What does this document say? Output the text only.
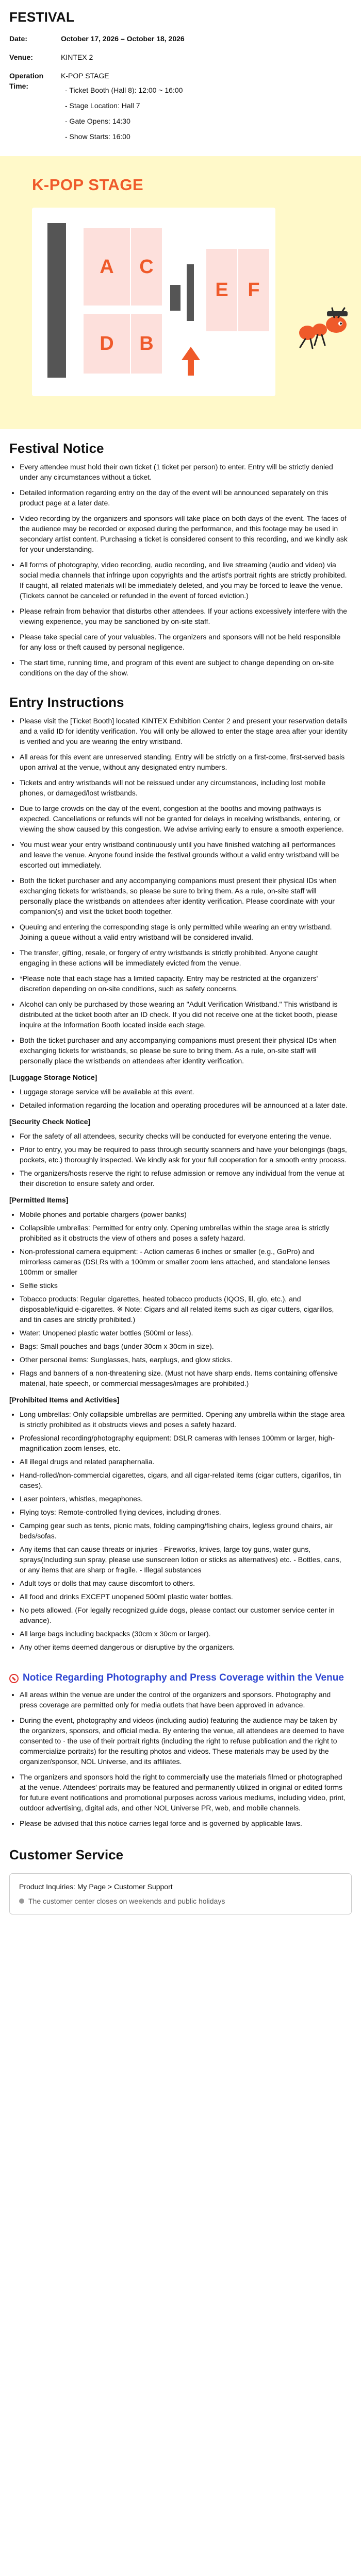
FESTIVAL
Date:	October 17, 2026 – October 18, 2026
Venue:	KINTEX 2
Operation Time:
K-POP STAGE
- Ticket Booth (Hall 8): 12:00 ~ 16:00
- Stage Location: Hall 7
- Gate Opens: 14:30
- Show Starts: 16:00
K-POP STAGE
A
D
C
B
E F
Festival Notice
• Every attendee must hold their own ticket (1 ticket per person) to enter. Entry will be strictly denied under any circumstances without a ticket.
• Detailed information regarding entry on the day of the event will be announced separately on this product page at a later date.
• Video recording by the organizers and sponsors will take place on both days of the event. The faces of the audience may be recorded or exposed during the performance, and this footage may be used in secondary artist content. Purchasing a ticket is considered consent to this recording, and we kindly ask for your understanding.
• All forms of photography, video recording, audio recording, and live streaming (audio and video) via social media channels that infringe upon copyrights and the artist's portrait rights are strictly prohibited. If caught, all related materials will be immediately deleted, and you may be forced to leave the venue. (Tickets cannot be canceled or refunded in the event of forced eviction.)
• Please refrain from behavior that disturbs other attendees. If your actions excessively interfere with the viewing experience, you may be sanctioned by on-site staff.
• Please take special care of your valuables. The organizers and sponsors will not be held responsible for any loss or theft caused by personal negligence.
• The start time, running time, and program of this event are subject to change depending on on-site conditions on the day of the show.
Entry Instructions
• Please visit the [Ticket Booth] located KINTEX Exhibition Center 2 and present your reservation details and a valid ID for identity verification. You will only be allowed to enter the stage area after your identity is verified and you are wearing the entry wristband.
• All areas for this event are unreserved standing. Entry will be strictly on a first-come, first-served basis upon arrival at the venue, without any designated entry numbers.
• Tickets and entry wristbands will not be reissued under any circumstances, including lost mobile phones, or damaged/lost wristbands.
• Due to large crowds on the day of the event, congestion at the booths and moving pathways is expected. Cancellations or refunds will not be granted for delays in receiving wristbands, entering, or viewing the show caused by this congestion. We advise arriving early to ensure a smooth experience.
• You must wear your entry wristband continuously until you have finished watching all performances and leave the venue. Anyone found inside the festival grounds without a valid entry wristband will be escorted out immediately.
• Both the ticket purchaser and any accompanying companions must present their physical IDs when exchanging tickets for wristbands, so please be sure to bring them. As a rule, on-site staff will personally place the wristbands on attendees after identity verification. Please coordinate with your companion(s) and visit the ticket booth together.
• Queuing and entering the corresponding stage is only permitted while wearing an entry wristband. Joining a queue without a valid entry wristband will be considered invalid.
• The transfer, gifting, resale, or forgery of entry wristbands is strictly prohibited. Anyone caught engaging in these actions will be immediately evicted from the venue.
• *Please note that each stage has a limited capacity. Entry may be restricted at the organizers' discretion depending on on-site conditions, such as safety concerns.
• Alcohol can only be purchased by those wearing an "Adult Verification Wristband." This wristband is distributed at the ticket booth after an ID check. If you did not receive one at the ticket booth, please inquire at the Information Booth located inside each stage.
• Both the ticket purchaser and any accompanying companions must present their physical IDs when exchanging tickets for wristbands, so please be sure to bring them. As a rule, on-site staff will personally place the wristbands on attendees after identity verification.
[Luggage Storage Notice]
• Luggage storage service will be available at this event.
• Detailed information regarding the location and operating procedures will be announced at a later date.
[Security Check Notice]
• For the safety of all attendees, security checks will be conducted for everyone entering the venue.
• Prior to entry, you may be required to pass through security scanners and have your belongings (bags, pockets, etc.) thoroughly inspected. We kindly ask for your full cooperation for a smooth entry process.
• The organizers/hosts reserve the right to refuse admission or remove any individual from the venue at their discretion to ensure safety and order.
[Permitted Items]
• Mobile phones and portable chargers (power banks)
• Collapsible umbrellas: Permitted for entry only. Opening umbrellas within the stage area is strictly prohibited as it obstructs the view of others and poses a safety hazard.
• Non-professional camera equipment: - Action cameras 6 inches or smaller (e.g., GoPro) and mirrorless cameras (DSLRs with a 100mm or smaller zoom lens attached, and standalone lenses 100mm or smaller
• Selfie sticks
• Tobacco products: Regular cigarettes, heated tobacco products (IQOS, lil, glo, etc.), and disposable/liquid e-cigarettes. ※ Note: Cigars and all related items such as cigar cutters, cigarillos, and tin cases are strictly prohibited.)
• Water: Unopened plastic water bottles (500ml or less).
• Bags: Small pouches and bags (under 30cm x 30cm in size).
• Other personal items: Sunglasses, hats, earplugs, and glow sticks.
• Flags and banners of a non-threatening size. (Must not have sharp ends. Items containing offensive material, hate speech, or commercial messages/images are prohibited.)
[Prohibited Items and Activities]
• Long umbrellas: Only collapsible umbrellas are permitted. Opening any umbrella within the stage area is strictly prohibited as it obstructs views and poses a safety hazard.
• Professional recording/photography equipment: DSLR cameras with lenses 100mm or larger, high-magnification zoom lenses, etc.
• All illegal drugs and related paraphernalia.
• Hand-rolled/non-commercial cigarettes, cigars, and all cigar-related items (cigar cutters, cigarillos, tin cases).
• Laser pointers, whistles, megaphones.
• Flying toys: Remote-controlled flying devices, including drones.
• Camping gear such as tents, picnic mats, folding camping/fishing chairs, legless ground chairs, air beds/sofas.
• Any items that can cause threats or injuries - Fireworks, knives, large toy guns, water guns, sprays(Including sun spray, please use sunscreen lotion or sticks as alternatives) etc. - Bottles, cans, or any items that are sharp or fragile. - Illegal substances
• Adult toys or dolls that may cause discomfort to others.
• All food and drinks EXCEPT unopened 500ml plastic water bottles.
• No pets allowed. (For legally recognized guide dogs, please contact our customer service center in advance).
• All large bags including backpacks (30cm x 30cm or larger).
• Any other items deemed dangerous or disruptive by the organizers.
Notice Regarding Photography and Press Coverage within the Venue
• All areas within the venue are under the control of the organizers and sponsors. Photography and press coverage are permitted only for media outlets that have been approved in advance.
• During the event, photography and videos (including audio) featuring the audience may be taken by the organizers, sponsors, and official media. By entering the venue, all attendees are deemed to have consented to · the use of their portrait rights (including the right to refuse publication and the right to commercialize portraits) for the resulting photos and videos. These materials may be used by the organizer/sponsor, NOL Universe, and its affiliates.
• The organizers and sponsors hold the right to commercially use the materials filmed or photographed at the venue. Attendees' portraits may be featured and permanently utilized in original or edited forms for future event notifications and promotional purposes across various mediums, including video, print, outdoor advertising, digital ads, and other NOL Universe PR, web, and mobile channels.
• Please be advised that this notice carries legal force and is governed by applicable laws.
Customer Service
Product Inquiries: My Page > Customer Support
The customer center closes on weekends and public holidays
